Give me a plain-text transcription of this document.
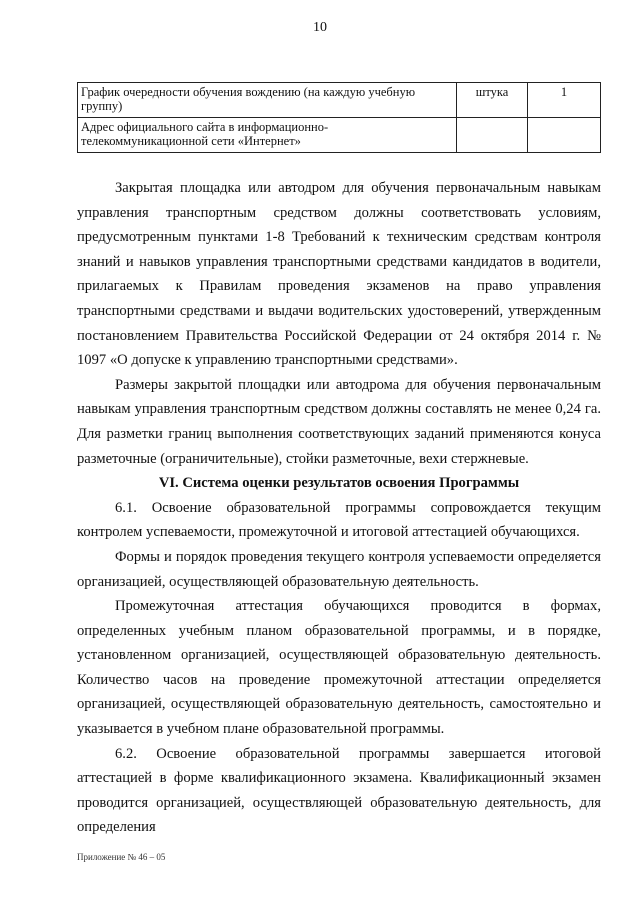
10
График очередности обучения вождению (на каждую учебную группу)	штука	1
Адрес официального сайта в информационно-телекоммуникационной сети «Интернет»		

Закрытая площадка или автодром для обучения первоначальным навыкам управления транспортным средством должны соответствовать условиям, предусмотренным пунктами 1-8 Требований к техническим средствам контроля знаний и навыков управления транспортными средствами кандидатов в водители, прилагаемых к Правилам проведения экзаменов на право управления транспортными средствами и выдачи водительских удостоверений, утвержденным постановлением Правительства Российской Федерации от 24 октября 2014 г. № 1097 «О допуске к управлению транспортными средствами».

Размеры закрытой площадки или автодрома для обучения первоначальным навыкам управления транспортным средством должны составлять не менее 0,24 га. Для разметки границ выполнения соответствующих заданий применяются конуса разметочные (ограничительные), стойки разметочные, вехи стержневые.

VI. Система оценки результатов освоения Программы

6.1. Освоение образовательной программы сопровождается текущим контролем успеваемости, промежуточной и итоговой аттестацией обучающихся.

Формы и порядок проведения текущего контроля успеваемости определяется организацией, осуществляющей образовательную деятельность.

Промежуточная аттестация обучающихся проводится в формах, определенных учебным планом образовательной программы, и в порядке, установленном организацией, осуществляющей образовательную деятельность. Количество часов на проведение промежуточной аттестации определяется организацией, осуществляющей образовательную деятельность, самостоятельно и указывается в учебном плане образовательной программы.

6.2. Освоение образовательной программы завершается итоговой аттестацией в форме квалификационного экзамена. Квалификационный экзамен проводится организацией, осуществляющей образовательную деятельность, для определения

Приложение № 46 – 05
